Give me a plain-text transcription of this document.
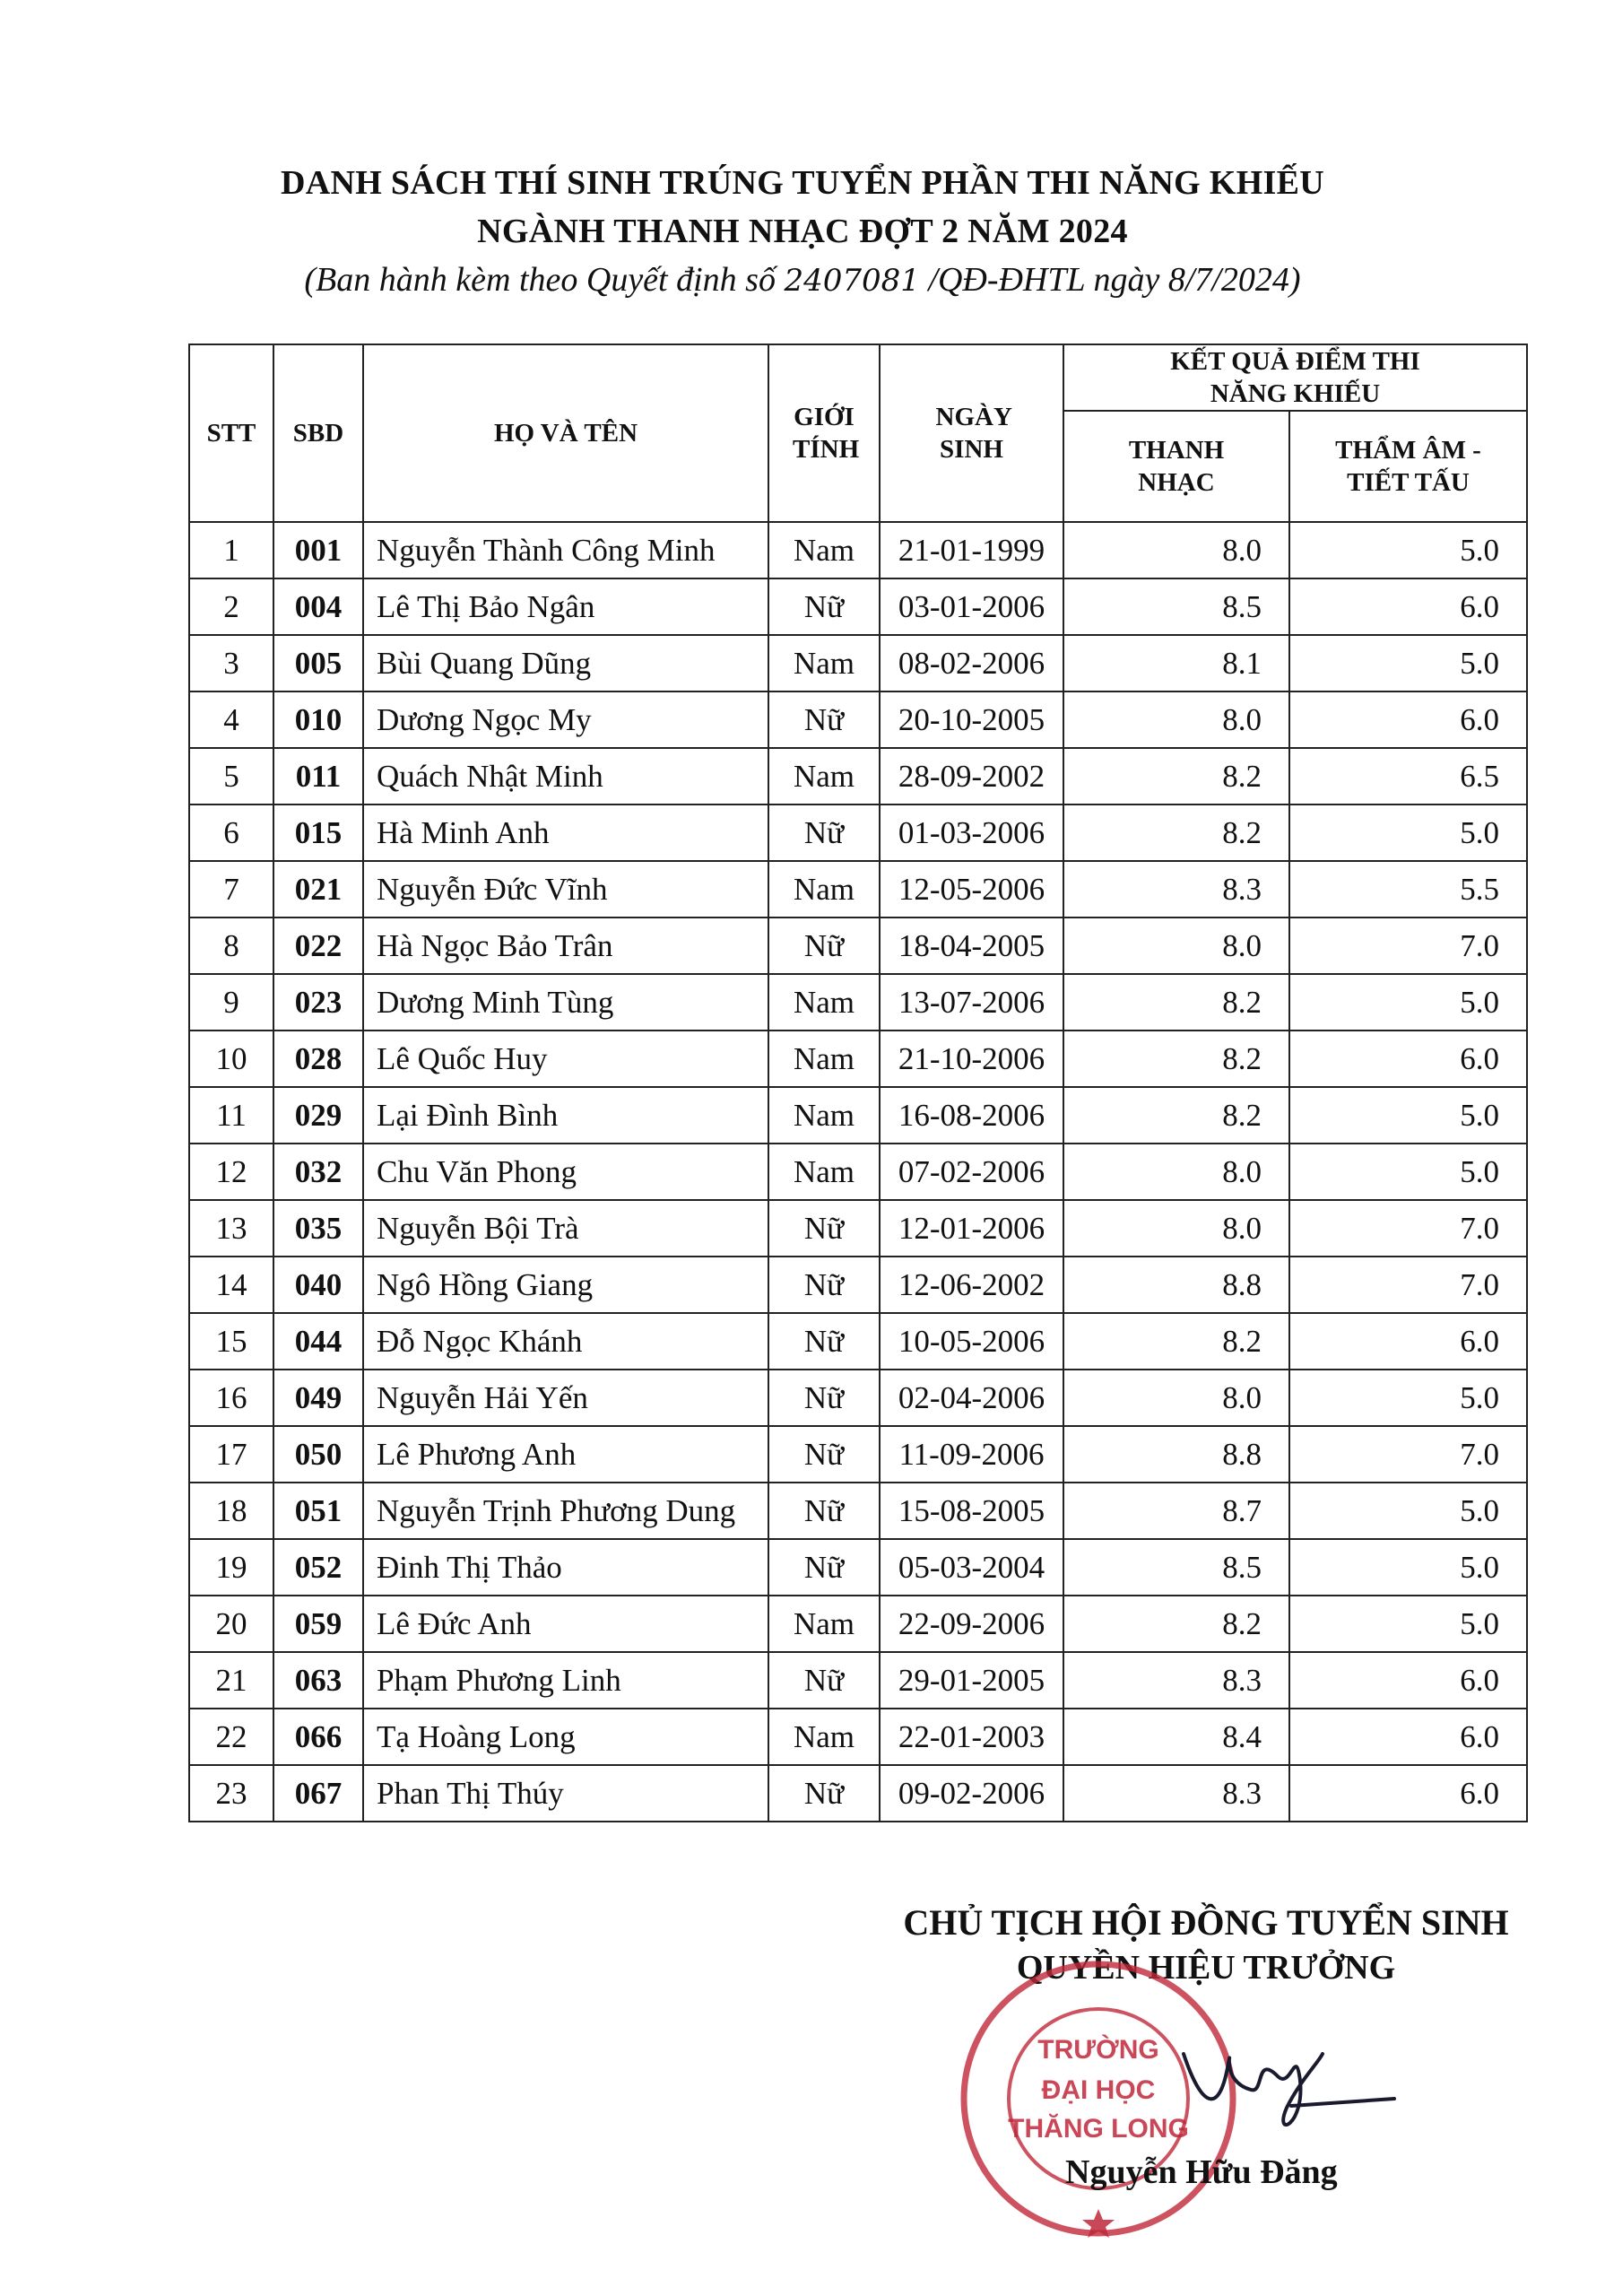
DANH SÁCH THÍ SINH TRÚNG TUYỂN PHẦN THI NĂNG KHIẾU
NGÀNH THANH NHẠC ĐỢT 2 NĂM 2024
(Ban hành kèm theo Quyết định số 2407081 /QĐ-ĐHTL ngày 8/7/2024)
STT	SBD	HỌ VÀ TÊN	GIỚI TÍNH	NGÀY SINH	KẾT QUẢ ĐIỂM THI NĂNG KHIẾU	

					THANH NHẠC	THẨM ÂM - TIẾT TẤU

1	001	Nguyễn Thành Công Minh	Nam	21-01-1999	8.0	5.0
2	004	Lê Thị Bảo Ngân	Nữ	03-01-2006	8.5	6.0
3	005	Bùi Quang Dũng	Nam	08-02-2006	8.1	5.0
4	010	Dương Ngọc My	Nữ	20-10-2005	8.0	6.0
5	011	Quách Nhật Minh	Nam	28-09-2002	8.2	6.5
6	015	Hà Minh Anh	Nữ	01-03-2006	8.2	5.0
7	021	Nguyễn Đức Vĩnh	Nam	12-05-2006	8.3	5.5
8	022	Hà Ngọc Bảo Trân	Nữ	18-04-2005	8.0	7.0
9	023	Dương Minh Tùng	Nam	13-07-2006	8.2	5.0
10	028	Lê Quốc Huy	Nam	21-10-2006	8.2	6.0
11	029	Lại Đình Bình	Nam	16-08-2006	8.2	5.0
12	032	Chu Văn Phong	Nam	07-02-2006	8.0	5.0
13	035	Nguyễn Bội Trà	Nữ	12-01-2006	8.0	7.0
14	040	Ngô Hồng Giang	Nữ	12-06-2002	8.8	7.0
15	044	Đỗ Ngọc Khánh	Nữ	10-05-2006	8.2	6.0
16	049	Nguyễn Hải Yến	Nữ	02-04-2006	8.0	5.0
17	050	Lê Phương Anh	Nữ	11-09-2006	8.8	7.0
18	051	Nguyễn Trịnh Phương Dung	Nữ	15-08-2005	8.7	5.0
19	052	Đinh Thị Thảo	Nữ	05-03-2004	8.5	5.0
20	059	Lê Đức Anh	Nam	22-09-2006	8.2	5.0
21	063	Phạm Phương Linh	Nữ	29-01-2005	8.3	6.0
22	066	Tạ Hoàng Long	Nam	22-01-2003	8.4	6.0
23	067	Phan Thị Thúy	Nữ	09-02-2006	8.3	6.0
CHỦ TỊCH HỘI ĐỒNG TUYỂN SINH
QUYỀN HIỆU TRƯỞNG
TRƯỜNG
ĐẠI HỌC
THĂNG LONG
Nguyễn Hữu Đăng
